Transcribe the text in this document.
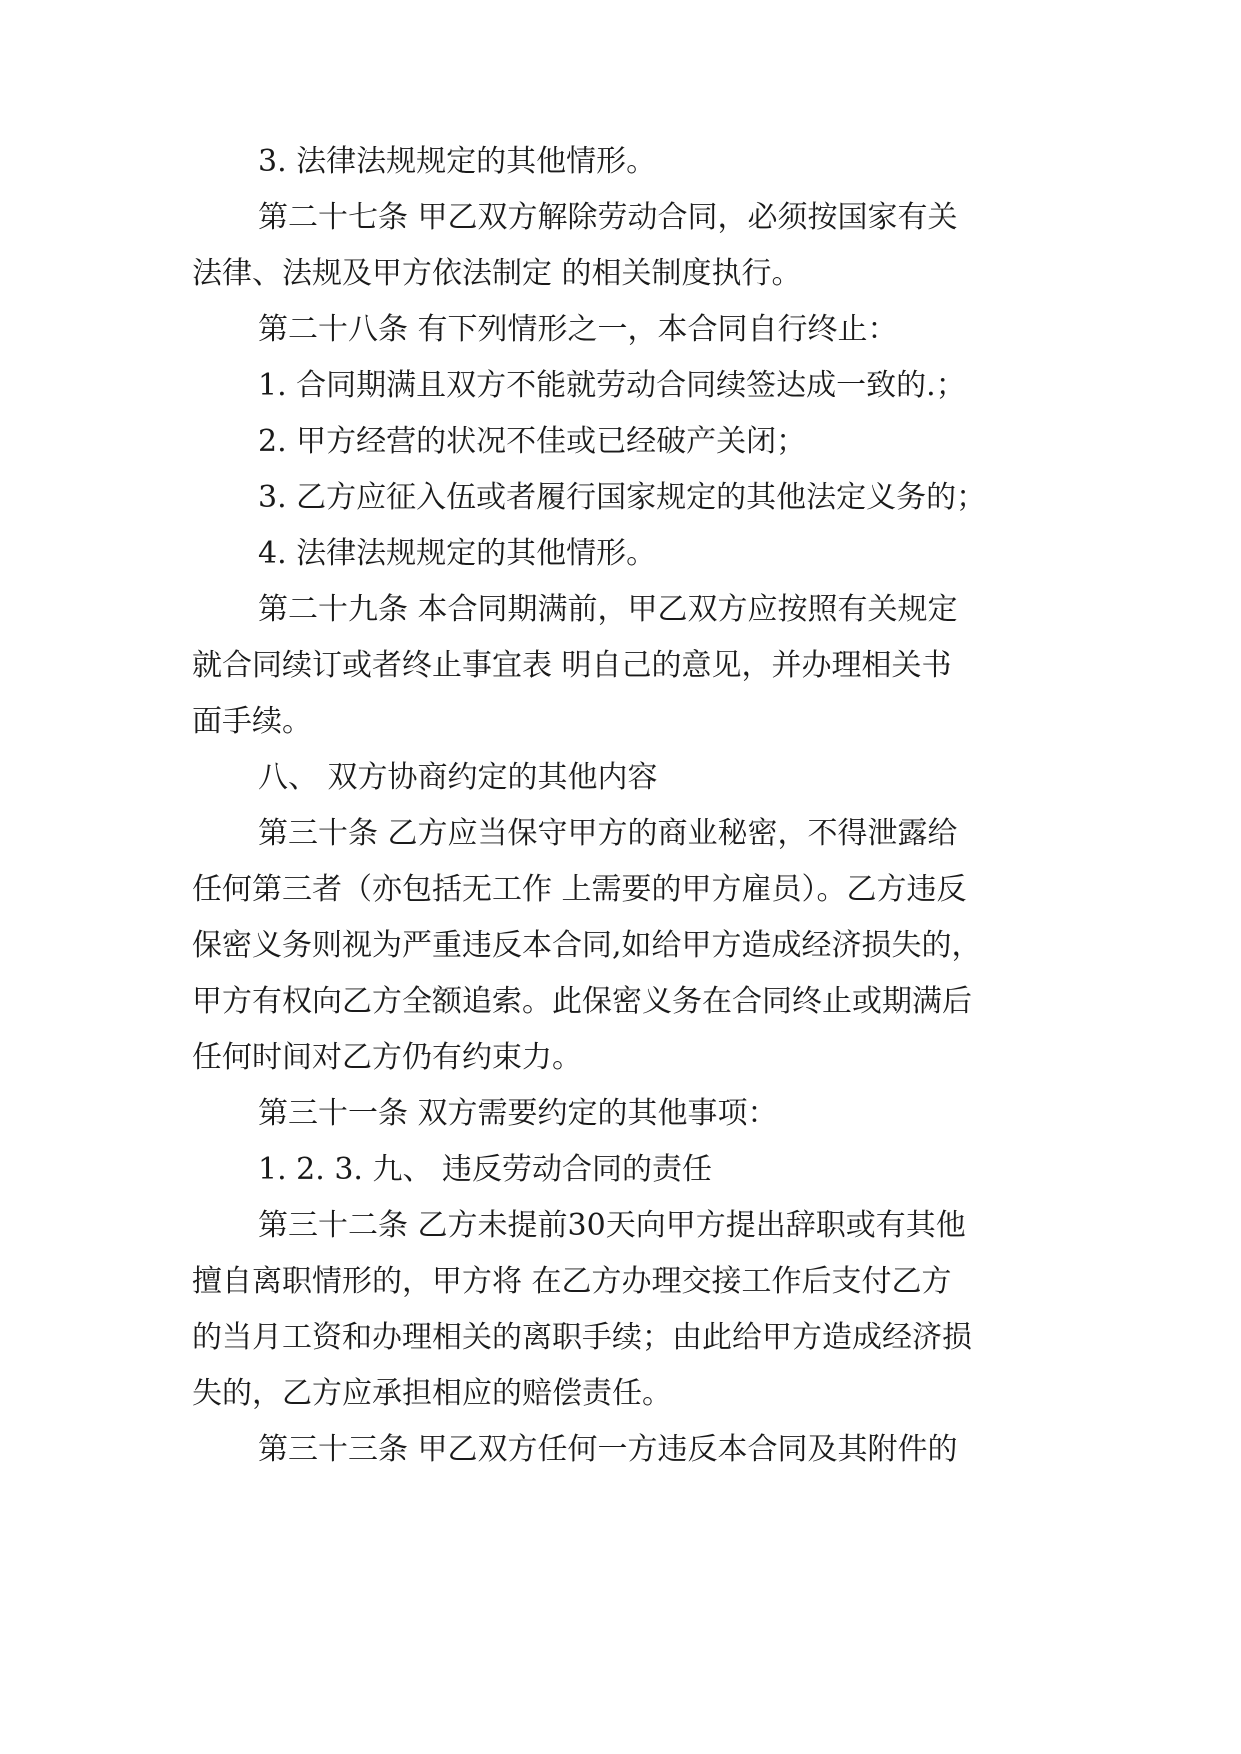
3. 法律法规规定的其他情形。

第二十七条 甲乙双方解除劳动合同，必须按国家有关

法律、法规及甲方依法制定 的相关制度执行。

第二十八条 有下列情形之一，本合同自行终止：

1. 合同期满且双方不能就劳动合同续签达成一致的.；

2. 甲方经营的状况不佳或已经破产关闭；

3. 乙方应征入伍或者履行国家规定的其他法定义务的；

4. 法律法规规定的其他情形。

第二十九条 本合同期满前，甲乙双方应按照有关规定

就合同续订或者终止事宜表 明自己的意见，并办理相关书

面手续。

八、 双方协商约定的其他内容

第三十条 乙方应当保守甲方的商业秘密，不得泄露给

任何第三者（亦包括无工作 上需要的甲方雇员）。乙方违反

保密义务则视为严重违反本合同,如给甲方造成经济损失的，

甲方有权向乙方全额追索。此保密义务在合同终止或期满后

任何时间对乙方仍有约束力。

第三十一条 双方需要约定的其他事项：

1. 2. 3. 九、 违反劳动合同的责任

第三十二条 乙方未提前30天向甲方提出辞职或有其他

擅自离职情形的，甲方将 在乙方办理交接工作后支付乙方

的当月工资和办理相关的离职手续；由此给甲方造成经济损

失的，乙方应承担相应的赔偿责任。

第三十三条 甲乙双方任何一方违反本合同及其附件的
